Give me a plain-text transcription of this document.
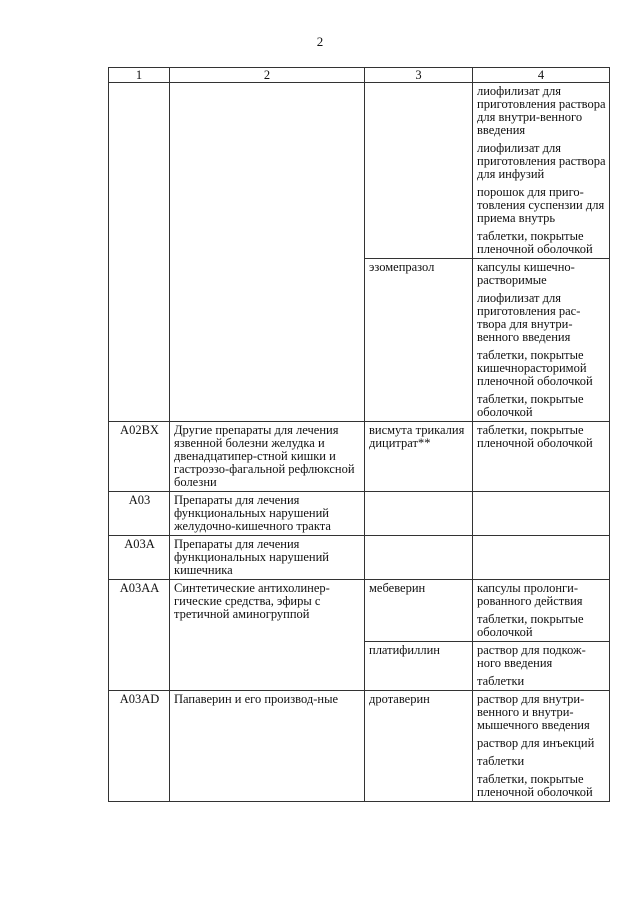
2
1	2	3	4

			лиофилизат для приготовления раствора для внутри-венного введения
лиофилизат для приготовления раствора для инфузий
порошок для приго-товления суспензии для приема внутрь
таблетки, покрытые пленочной оболочкой

		эзомепразол	капсулы кишечно-растворимые
лиофилизат для приготовления рас-твора для внутри-венного введения
таблетки, покрытые кишечнорасторимой пленочной оболочкой
таблетки, покрытые оболочкой

A02BX	Другие препараты для лечения язвенной болезни желудка и двенадцатипер-стной кишки и гастроэзо-фагальной рефлюксной болезни	висмута трикалия дицитрат**	таблетки, покрытые пленочной оболочкой

A03	Препараты для лечения функциональных нарушений желудочно-кишечного тракта		
A03A	Препараты для лечения функциональных нарушений кишечника		
A03AA	Синтетические антихолинер-гические средства, эфиры с третичной аминогруппой	мебеверин	капсулы пролонги-рованного действия
таблетки, покрытые оболочкой

		платифиллин	раствор для подкож-ного введения
таблетки

A03AD	Папаверин и его производ-ные	дротаверин	раствор для внутри-венного и внутри-мышечного введения
раствор для инъекций
таблетки
таблетки, покрытые пленочной оболочкой
